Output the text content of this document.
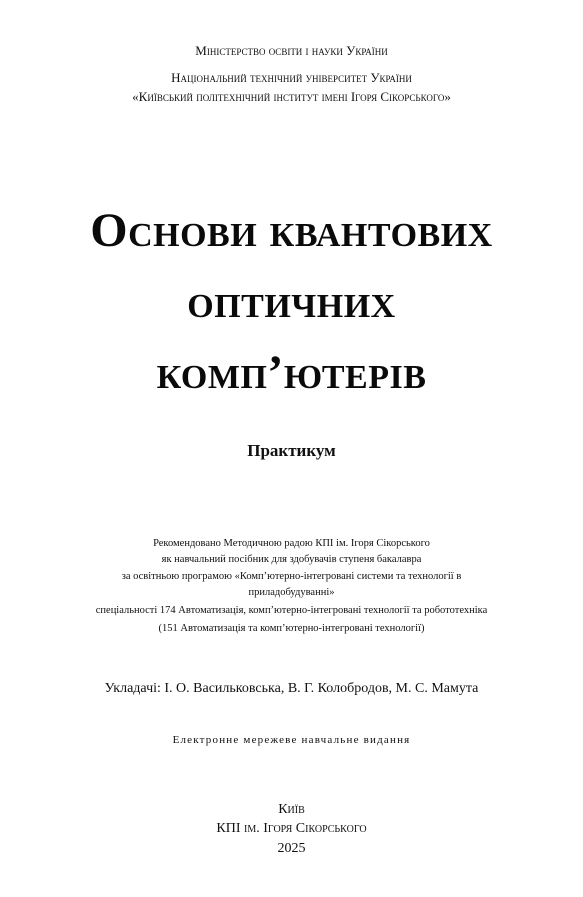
Міністерство освіти і науки України
Національний технічний університет України
«Київський політехнічний інститут імені Ігоря Сікорського»
Основи квантових
оптичних
комп’ютерів
Практикум
Рекомендовано Методичною радою КПІ ім. Ігоря Сікорського
як навчальний посібник для здобувачів ступеня бакалавра
за освітньою програмою «Комп’ютерно-інтегровані системи та технології в
приладобудуванні»
спеціальності 174 Автоматизація, комп’ютерно-інтегровані технології та робототехніка
(151 Автоматизація та комп’ютерно-інтегровані технології)
Укладачі: І. О. Васильковська, В. Г. Колобродов, М. С. Мамута
Електронне мережеве навчальне видання
Київ
КПІ ім. Ігоря Сікорського
2025
